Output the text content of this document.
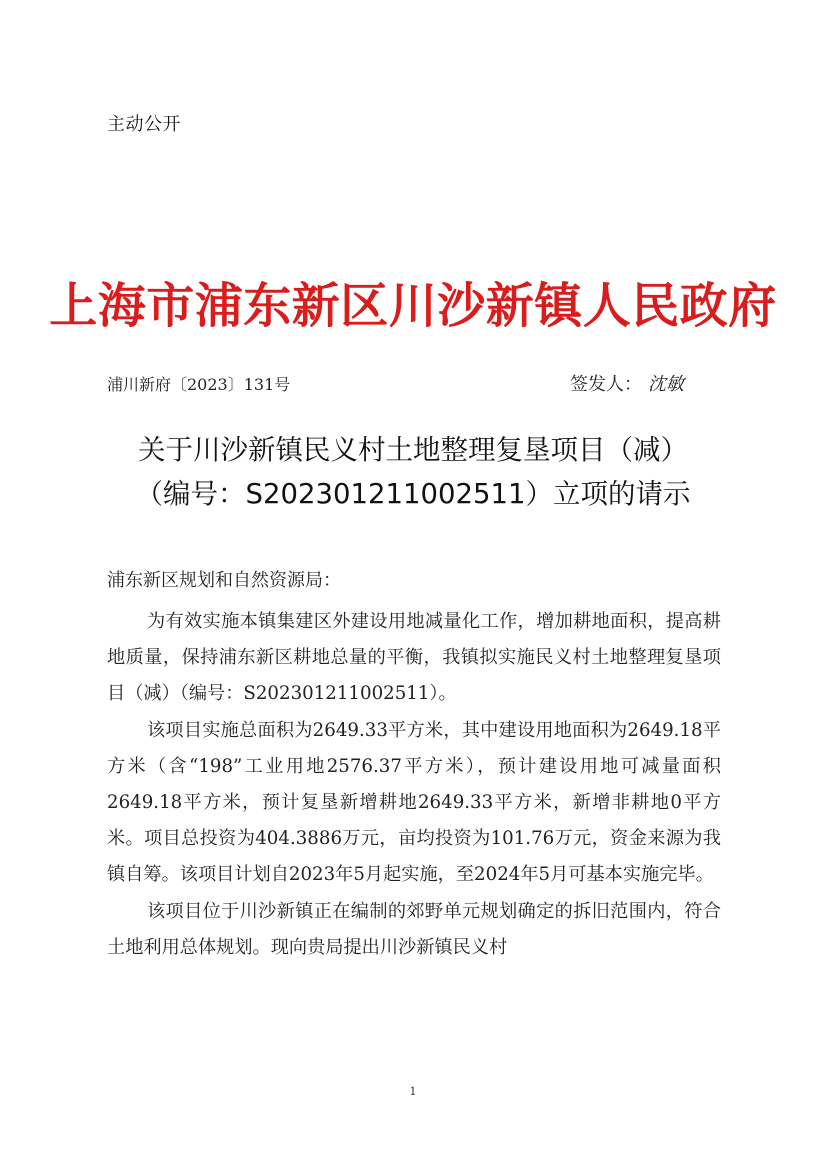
主动公开
上海市浦东新区川沙新镇人民政府
浦川新府〔2023〕131号	签发人： 沈敏
关于川沙新镇民义村土地整理复垦项目（减）
（编号：S202301211002511）立项的请示
浦东新区规划和自然资源局：

为有效实施本镇集建区外建设用地减量化工作，增加耕地面积，提高耕地质量，保持浦东新区耕地总量的平衡，我镇拟实施民义村土地整理复垦项目（减）（编号：S202301211002511）。

该项目实施总面积为2649.33平方米，其中建设用地面积为2649.18平方米（含“198”工业用地2576.37平方米），预计建设用地可减量面积2649.18平方米，预计复垦新增耕地2649.33平方米，新增非耕地0平方米。项目总投资为404.3886万元，亩均投资为101.76万元，资金来源为我镇自筹。该项目计划自2023年5月起实施，至2024年5月可基本实施完毕。

该项目位于川沙新镇正在编制的郊野单元规划确定的拆旧范围内，符合土地利用总体规划。现向贵局提出川沙新镇民义村

1
